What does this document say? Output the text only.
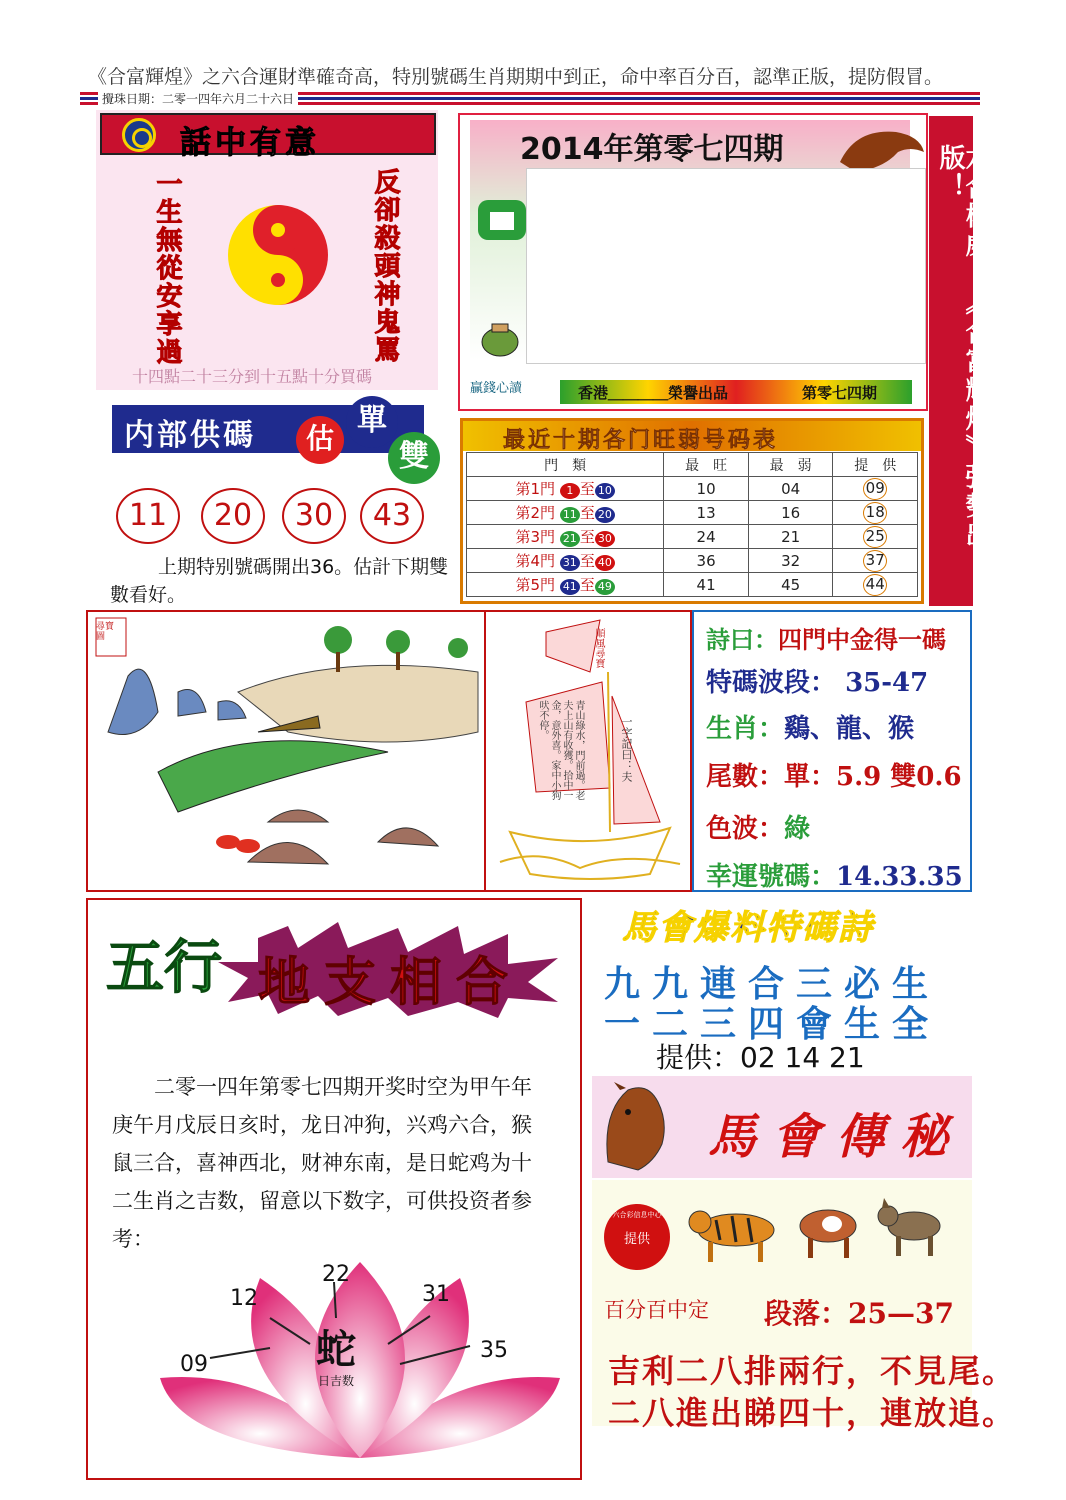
《合富輝煌》之六合運財準確奇高，特別號碼生肖期期中到正，命中率百分百，認準正版，提防假冒。
攪珠日期：二零一四年六月二十六日
話中有意
一生無從安享過	反卻殺頭神鬼罵
十四點二十三分到十五點十分買碼
2014年第零七四期
贏錢心讀	香港＿＿＿＿榮譽出品	第零七四期	六合權威：《合富輝煌》强勢出版！
内部供碼	估
單
雙
11	20	30	43
上期特别號碼開出36。估計下期雙數看好。
最近十期各门旺弱号码表
門　類	最　旺	最　弱	提　供
第1門 1 至 10	10	04	09
第2門 11 至 20	13	16	18
第3門 21 至 30	24	21	25
第4門 31 至 40	36	32	37
第5門 41 至 49	41	45	44
尋寶圖	順風尋寶
青山綠水，門前過。老夫上山有收獲。拾中一金，意外喜。家中小狗吠不停。	一字記曰：夫
詩曰：四門中金得一碼
特碼波段： 35-47
生肖：鷄、龍、猴
尾數：單：5.9 雙0.6
色波：綠
幸運號碼：14.33.35
五行 地支相合
二零一四年第零七四期开奖时空为甲午年庚午月戊辰日亥时，龙日冲狗，兴鸡六合，猴鼠三合，喜神西北，财神东南，是日蛇鸡为十二生肖之吉数，留意以下数字，可供投资者参考：
蛇
日吉数
09
12
22
31
35
馬會爆料特碼詩
九九連合三必生
一二三四會生全
提供：02 14 21
馬會傳秘
提供
六合彩信息中心
百分百中定 段落：25—37
吉利二八排兩行，不見尾。
二八進出睇四十，連放追。
